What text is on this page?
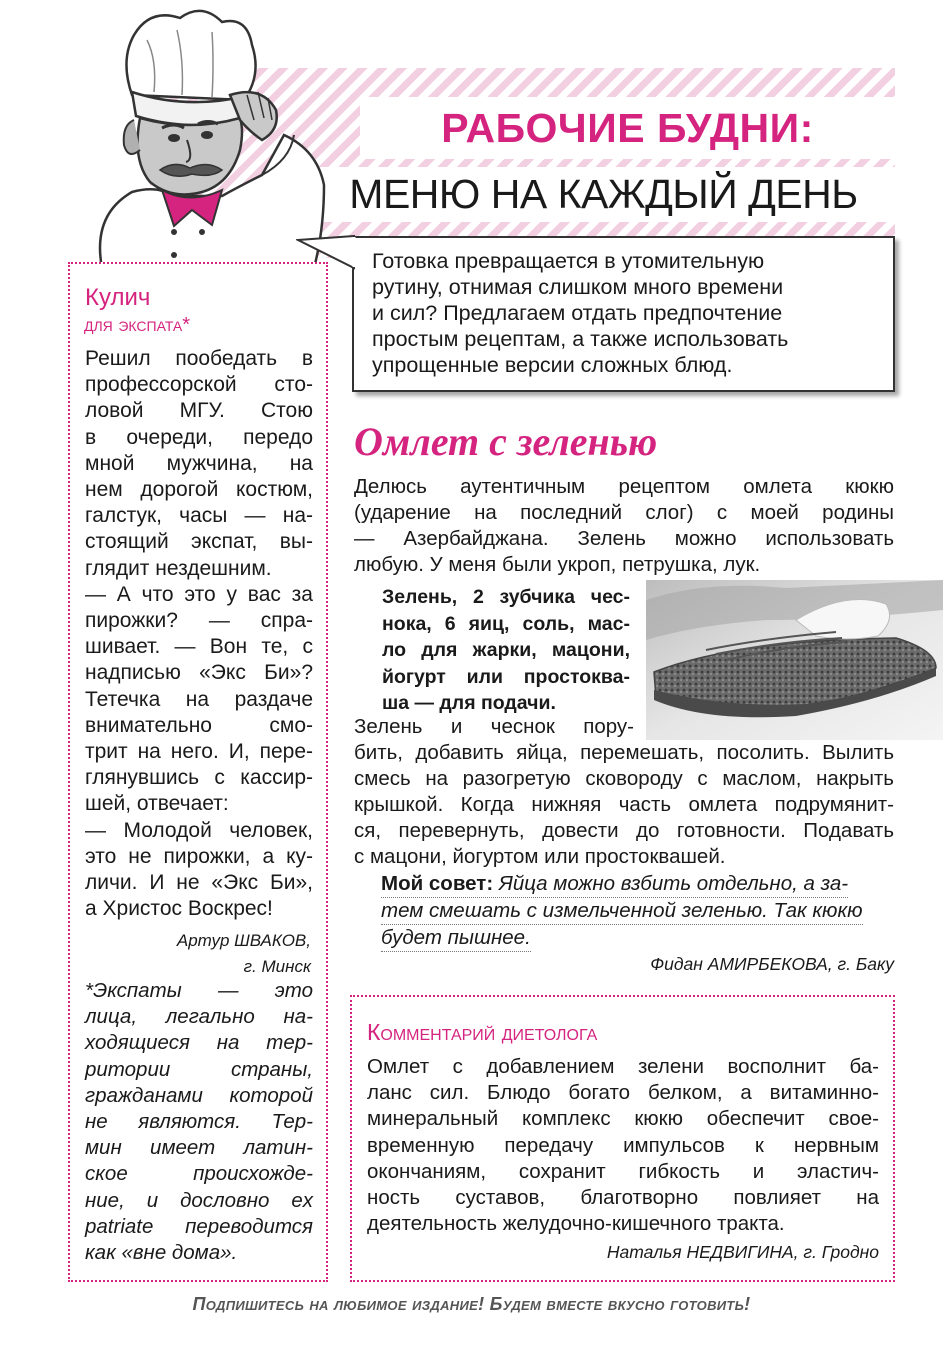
РАБОЧИЕ БУДНИ:
МЕНЮ НА КАЖДЫЙ ДЕНЬ
Кулич
для экспата*
Решил пообедать в
профессорской сто-
ловой МГУ. Стою
в очереди, передо
мной мужчина, на
нем дорогой костюм,
галстук, часы — на-
стоящий экспат, вы-
глядит нездешним.
— А что это у вас за
пирожки? — спра-
шивает. — Вон те, с
надписью «Экс Би»?
Тетечка на раздаче
внимательно смо-
трит на него. И, пере-
глянувшись с кассир-
шей, отвечает:
— Молодой человек,
это не пирожки, а ку-
личи. И не «Экс Би»,
а Христос Воскрес!
Артур ШВАКОВ,
г. Минск
*Экспаты — это
лица, легально на-
ходящиеся на тер-
ритории страны,
гражданами которой
не являются. Тер-
мин имеет латин-
ское происхожде-
ние, и дословно ex
patriate переводится
как «вне дома».
Готовка превращается в утомительную
рутину, отнимая слишком много времени
и сил? Предлагаем отдать предпочтение
простым рецептам, а также использовать
упрощенные версии сложных блюд.
Омлет с зеленью
Делюсь аутентичным рецептом омлета кюкю
(ударение на последний слог) с моей родины
— Азербайджана. Зелень можно использовать
любую. У меня были укроп, петрушка, лук.
Зелень, 2 зубчика чес-
нока, 6 яиц, соль, мас-
ло для жарки, мацони,
йогурт или простоква-
ша — для подачи.
Зелень и чеснок пору-
бить, добавить яйца, перемешать, посолить. Вылить
смесь на разогретую сковороду с маслом, накрыть
крышкой. Когда нижняя часть омлета подрумянит-
ся, перевернуть, довести до готовности. Подавать
с мацони, йогуртом или простоквашей.
Мой совет: Яйца можно взбить отдельно, а за-
тем смешать с измельченной зеленью. Так кюкю
будет пышнее.
Фидан АМИРБЕКОВА, г. Баку
Комментарий диетолога
Омлет с добавлением зелени восполнит ба-
ланс сил. Блюдо богато белком, а витаминно-
минеральный комплекс кюкю обеспечит свое-
временную передачу импульсов к нервным
окончаниям, сохранит гибкость и эластич-
ность суставов, благотворно повлияет на
деятельность желудочно-кишечного тракта.
Наталья НЕДВИГИНА, г. Гродно
Подпишитесь на любимое издание! Будем вместе вкусно готовить!
